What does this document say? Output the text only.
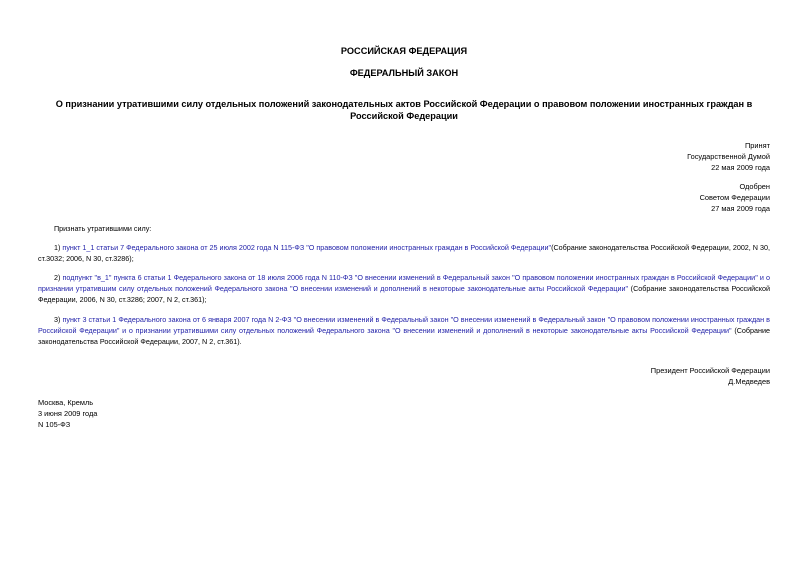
РОССИЙСКАЯ ФЕДЕРАЦИЯ
ФЕДЕРАЛЬНЫЙ ЗАКОН
О признании утратившими силу отдельных положений законодательных актов Российской Федерации о правовом положении иностранных граждан в Российской Федерации
Принят
Государственной Думой
22 мая 2009 года
Одобрен
Советом Федерации
27 мая 2009 года
Признать утратившими силу:
1) пункт 1_1 статьи 7 Федерального закона от 25 июля 2002 года N 115-ФЗ "О правовом положении иностранных граждан в Российской Федерации"(Собрание законодательства Российской Федерации, 2002, N 30, ст.3032; 2006, N 30, ст.3286);
2) подпункт "в_1" пункта 6 статьи 1 Федерального закона от 18 июля 2006 года N 110-ФЗ "О внесении изменений в Федеральный закон "О правовом положении иностранных граждан в Российской Федерации" и о признании утратившим силу отдельных положений Федерального закона "О внесении изменений и дополнений в некоторые законодательные акты Российской Федерации" (Собрание законодательства Российской Федерации, 2006, N 30, ст.3286; 2007, N 2, ст.361);
3) пункт 3 статьи 1 Федерального закона от 6 января 2007 года N 2-ФЗ "О внесении изменений в Федеральный закон "О внесении изменений в Федеральный закон "О правовом положении иностранных граждан в Российской Федерации" и о признании утратившими силу отдельных положений Федерального закона "О внесении изменений и дополнений в некоторые законодательные акты Российской Федерации" (Собрание законодательства Российской Федерации, 2007, N 2, ст.361).
Президент Российской Федерации
Д.Медведев
Москва, Кремль
3 июня 2009 года
N 105-ФЗ
